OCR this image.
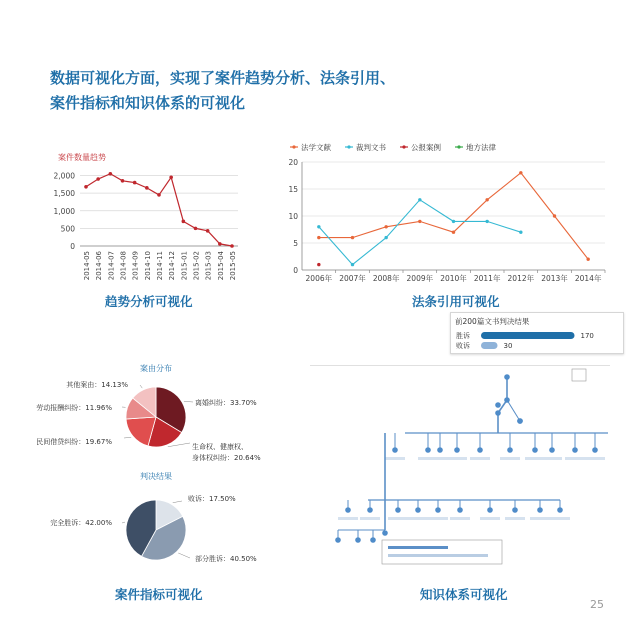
数据可视化方面，实现了案件趋势分析、法条引用、
案件指标和知识体系的可视化
案件数量趋势
0
500
1,000
1,500
2,000
2014-05 2014-06 2014-07 2014-08 2014-09 2014-10 2014-11 2014-12 2015-01 2015-02 2015-03 2015-04 2015-05
趋势分析可视化
法学文献	裁判文书	公报案例	地方法律
0
5
10
15
20
2006年 2007年 2008年 2009年 2010年 2011年 2012年 2013年 2014年
法条引用可视化
案由分布
离婚纠纷：33.70%
生命权、健康权、
身体权纠纷：20.64%
民间借贷纠纷：19.67%
劳动报酬纠纷：11.96%
其他案由：14.13%
判决结果
败诉：17.50%
部分胜诉：40.50%
完全胜诉：42.00%
案件指标可视化
前200篇文书判决结果
胜诉	170
败诉	30
知识体系可视化
25
